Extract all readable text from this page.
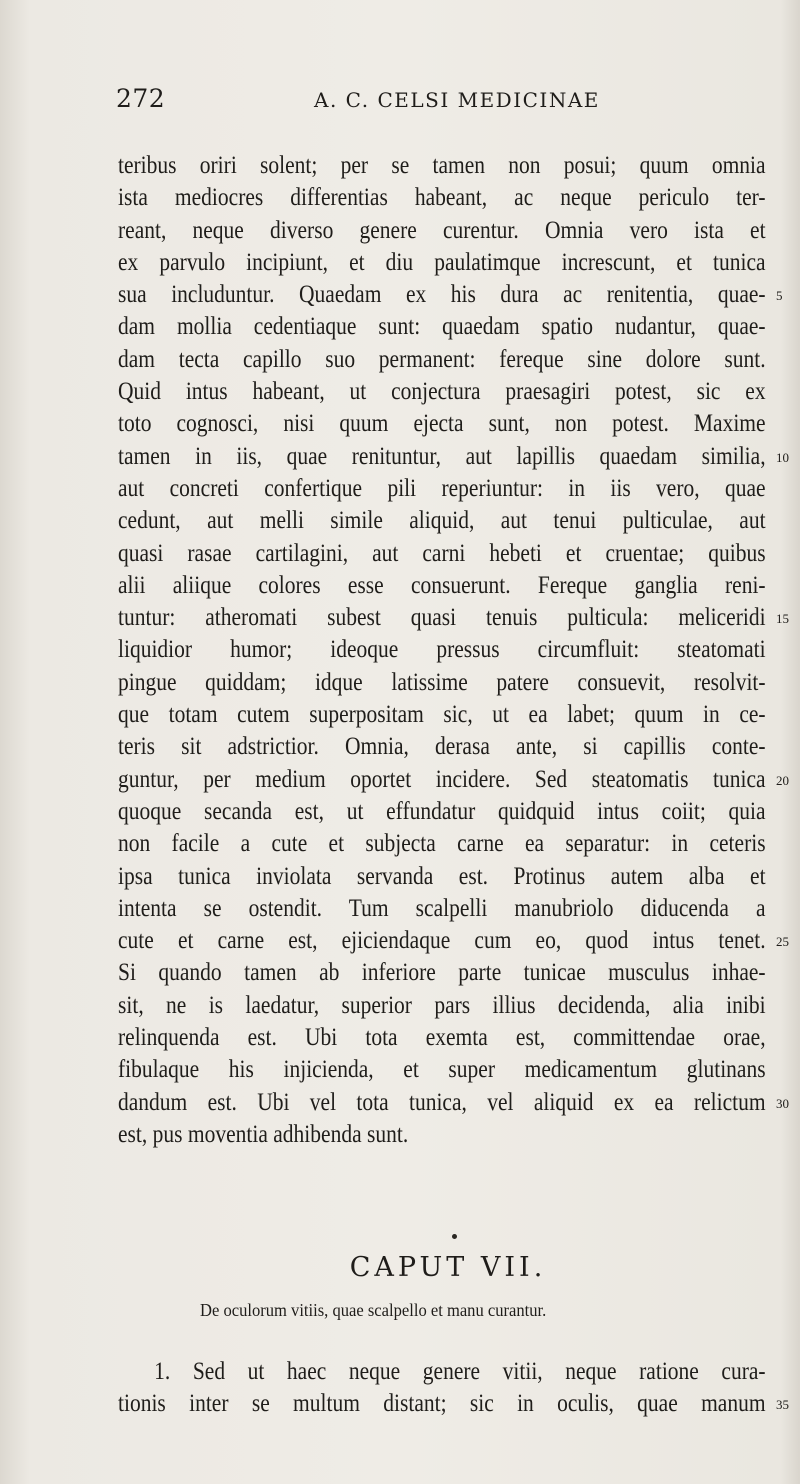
272	A. C. CELSI MEDICINAE
teribus oriri solent; per se tamen non posui; quum omnia
ista mediocres differentias habeant, ac neque periculo ter-
reant, neque diverso genere curentur. Omnia vero ista et
ex parvulo incipiunt, et diu paulatimque increscunt, et tunica
sua includuntur. Quaedam ex his dura ac renitentia, quae-
dam mollia cedentiaque sunt: quaedam spatio nudantur, quae-
dam tecta capillo suo permanent: fereque sine dolore sunt.
Quid intus habeant, ut conjectura praesagiri potest, sic ex
toto cognosci, nisi quum ejecta sunt, non potest. Maxime
tamen in iis, quae renituntur, aut lapillis quaedam similia,
aut concreti confertique pili reperiuntur: in iis vero, quae
cedunt, aut melli simile aliquid, aut tenui pulticulae, aut
quasi rasae cartilagini, aut carni hebeti et cruentae; quibus
alii aliique colores esse consuerunt. Fereque ganglia reni-
tuntur: atheromati subest quasi tenuis pulticula: meliceridi
liquidior humor; ideoque pressus circumfluit: steatomati
pingue quiddam; idque latissime patere consuevit, resolvit-
que totam cutem superpositam sic, ut ea labet; quum in ce-
teris sit adstrictior. Omnia, derasa ante, si capillis conte-
guntur, per medium oportet incidere. Sed steatomatis tunica
quoque secanda est, ut effundatur quidquid intus coiit; quia
non facile a cute et subjecta carne ea separatur: in ceteris
ipsa tunica inviolata servanda est. Protinus autem alba et
intenta se ostendit. Tum scalpelli manubriolo diducenda a
cute et carne est, ejiciendaque cum eo, quod intus tenet.
Si quando tamen ab inferiore parte tunicae musculus inhae-
sit, ne is laedatur, superior pars illius decidenda, alia inibi
relinquenda est. Ubi tota exemta est, committendae orae,
fibulaque his injicienda, et super medicamentum glutinans
dandum est. Ubi vel tota tunica, vel aliquid ex ea relictum
est, pus moventia adhibenda sunt.
5
10
15
20
25
30
35
CAPUT VII.
De oculorum vitiis, quae scalpello et manu curantur.
1. Sed ut haec neque genere vitii, neque ratione cura-
tionis inter se multum distant; sic in oculis, quae manum
